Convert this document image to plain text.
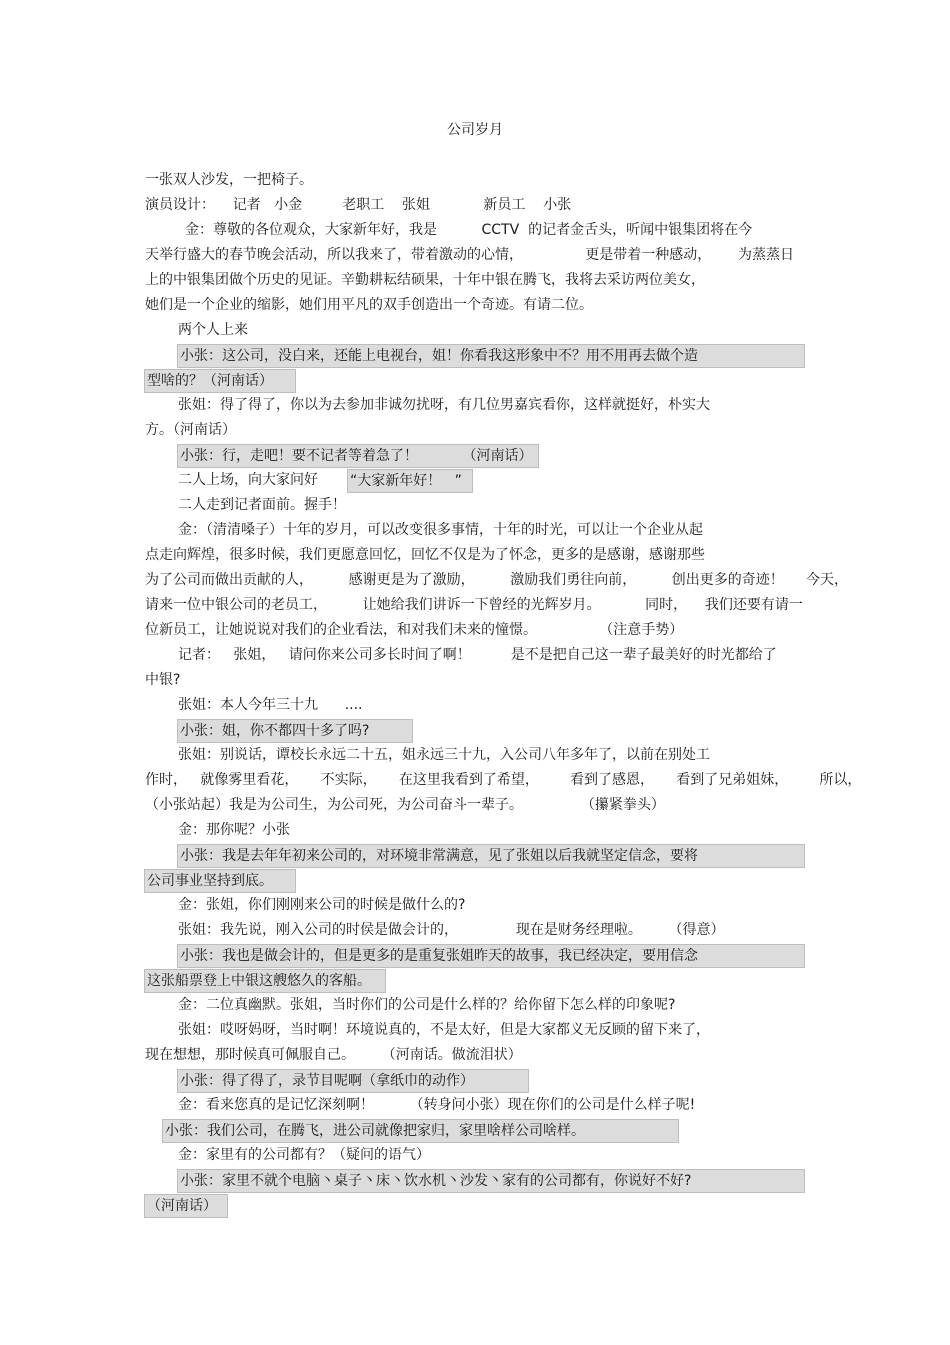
公司岁月
一张双人沙发，一把椅子。
演员设计：    记者   小金         老职工    张姐            新员工    小张
金：尊敬的各位观众，大家新年好，我是          CCTV  的记者金舌头，听闻中银集团将在今
天举行盛大的春节晚会活动，所以我来了，带着激动的心情，              更是带着一种感动，      为蒸蒸日
上的中银集团做个历史的见证。辛勤耕耘结硕果，十年中银在腾飞，我将去采访两位美女，
她们是一个企业的缩影，她们用平凡的双手创造出一个奇迹。有请二位。
两个人上来
小张：这公司，没白来，还能上电视台，姐！你看我这形象中不？用不用再去做个造
型啥的？（河南话）
张姐：得了得了，你以为去参加非诚勿扰呀，有几位男嘉宾看你，这样就挺好，朴实大
方。（河南话）
小张：行，走吧！要不记者等着急了！          （河南话）
二人上场，向大家问好 “大家新年好！   ”
二人走到记者面前。握手！
金：（清清嗓子）十年的岁月，可以改变很多事情，十年的时光，可以让一个企业从起
点走向辉煌，很多时候，我们更愿意回忆，回忆不仅是为了怀念，更多的是感谢，感谢那些
为了公司而做出贡献的人，        感谢更是为了激励，        激励我们勇往向前，        创出更多的奇迹！     今天，
请来一位中银公司的老员工，        让她给我们讲诉一下曾经的光辉岁月。          同时，    我们还要有请一
位新员工，让她说说对我们的企业看法，和对我们未来的憧憬。              （注意手势）
记者：   张姐，   请问你来公司多长时间了啊！         是不是把自己这一辈子最美好的时光都给了
中银?
张姐：本人今年三十九      ....
小张：姐，你不都四十多了吗?
张姐：别说话，谭校长永远二十五，姐永远三十九，入公司八年多年了，以前在别处工
作时，   就像雾里看花，     不实际，     在这里我看到了希望，       看到了感恩，     看到了兄弟姐妹，       所以，
（小张站起）我是为公司生，为公司死，为公司奋斗一辈子。             （攥紧拳头）
金：那你呢？小张
小张：我是去年年初来公司的，对环境非常满意，见了张姐以后我就坚定信念，要将
公司事业坚持到底。
金：张姐，你们刚刚来公司的时候是做什么的?
张姐：我先说，刚入公司的时侯是做会计的，             现在是财务经理啦。      （得意）
小张：我也是做会计的，但是更多的是重复张姐昨天的故事，我已经决定，要用信念
这张船票登上中银这艘悠久的客船。
金：二位真幽默。张姐，当时你们的公司是什么样的？给你留下怎么样的印象呢?
张姐：哎呀妈呀，当时啊！环境说真的，不是太好，但是大家都义无反顾的留下来了，
现在想想，那时候真可佩服自己。      （河南话。做流泪状）
小张：得了得了，录节目呢啊（拿纸巾的动作）
金：看来您真的是记忆深刻啊！        （转身问小张）现在你们的公司是什么样子呢!
小张：我们公司，在腾飞，进公司就像把家归，家里啥样公司啥样。
金：家里有的公司都有？（疑问的语气）
小张：家里不就个电脑丶桌子丶床丶饮水机丶沙发丶家有的公司都有，你说好不好?
（河南话）
